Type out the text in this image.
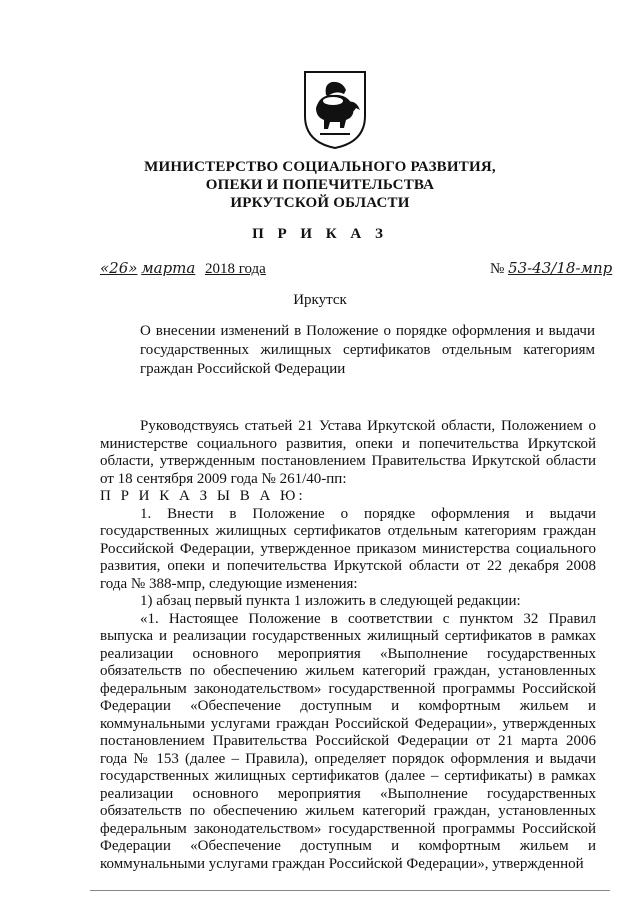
МИНИСТЕРСТВО СОЦИАЛЬНОГО РАЗВИТИЯ,
ОПЕКИ И ПОПЕЧИТЕЛЬСТВА
ИРКУТСКОЙ ОБЛАСТИ
П Р И К А З
«26» марта 2018 года	№ 53-43/18-мпр
Иркутск
О внесении изменений в Положение о порядке оформления и выдачи государственных жилищных сертификатов отдельным категориям граждан Российской Федерации

Руководствуясь статьей 21 Устава Иркутской области, Положением о министерстве социального развития, опеки и попечительства Иркутской области, утвержденным постановлением Правительства Иркутской области от 18 сентября 2009 года № 261/40-пп:

П Р И К А З Ы В А Ю:

1. Внести в Положение о порядке оформления и выдачи государственных жилищных сертификатов отдельным категориям граждан Российской Федерации, утвержденное приказом министерства социального развития, опеки и попечительства Иркутской области от 22 декабря 2008 года № 388-мпр, следующие изменения:

1) абзац первый пункта 1 изложить в следующей редакции:

«1. Настоящее Положение в соответствии с пунктом 32 Правил выпуска и реализации государственных жилищный сертификатов в рамках реализации основного мероприятия «Выполнение государственных обязательств по обеспечению жильем категорий граждан, установленных федеральным законодательством» государственной программы Российской Федерации «Обеспечение доступным и комфортным жильем и коммунальными услугами граждан Российской Федерации», утвержденных постановлением Правительства Российской Федерации от 21 марта 2006 года № 153 (далее – Правила), определяет порядок оформления и выдачи государственных жилищных сертификатов (далее – сертификаты) в рамках реализации основного мероприятия «Выполнение государственных обязательств по обеспечению жильем категорий граждан, установленных федеральным законодательством» государственной программы Российской Федерации «Обеспечение доступным и комфортным жильем и коммунальными услугами граждан Российской Федерации», утвержденной
